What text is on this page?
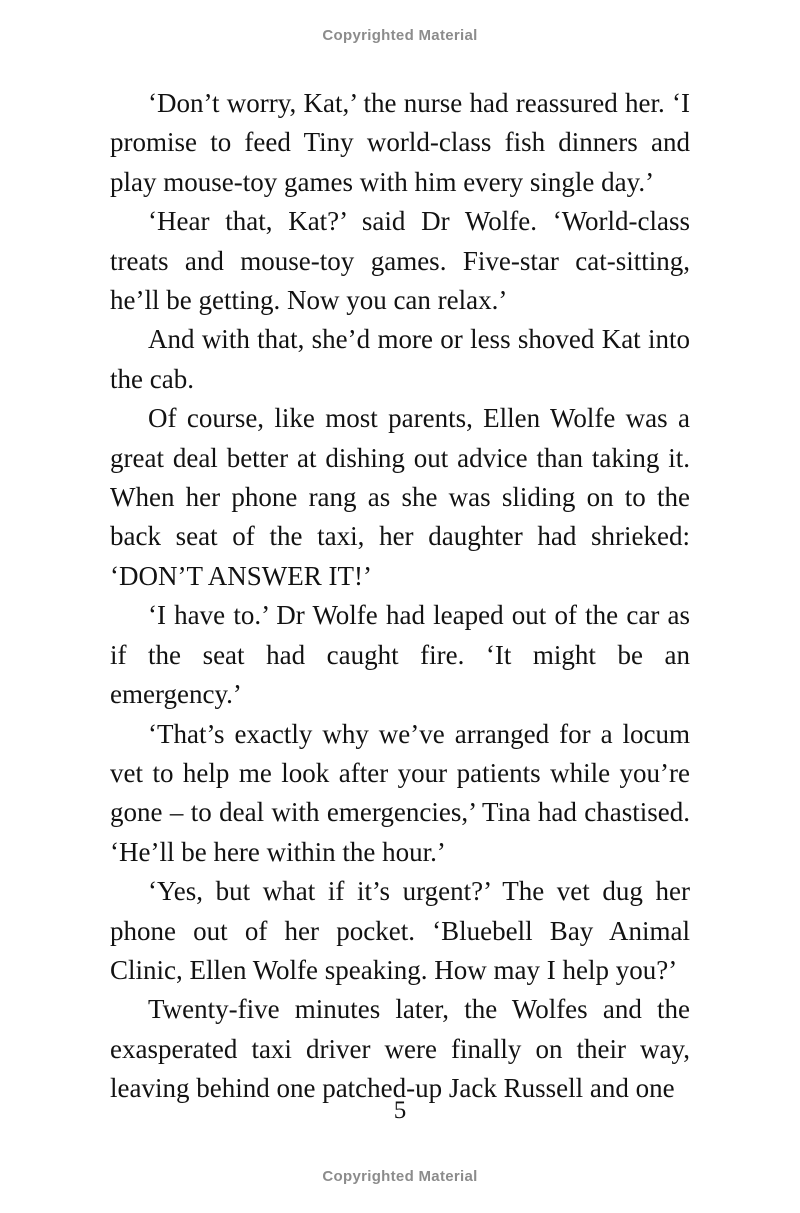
Copyrighted Material

‘Don’t worry, Kat,’ the nurse had reassured her. ‘I promise to feed Tiny world-class fish dinners and play mouse-toy games with him every single day.’

‘Hear that, Kat?’ said Dr Wolfe. ‘World-class treats and mouse-toy games. Five-star cat-sitting, he’ll be getting. Now you can relax.’

And with that, she’d more or less shoved Kat into the cab.

Of course, like most parents, Ellen Wolfe was a great deal better at dishing out advice than taking it. When her phone rang as she was sliding on to the back seat of the taxi, her daughter had shrieked: ‘DON’T ANSWER IT!’

‘I have to.’ Dr Wolfe had leaped out of the car as if the seat had caught fire. ‘It might be an emergency.’

‘That’s exactly why we’ve arranged for a locum vet to help me look after your patients while you’re gone – to deal with emergencies,’ Tina had chastised. ‘He’ll be here within the hour.’

‘Yes, but what if it’s urgent?’ The vet dug her phone out of her pocket. ‘Bluebell Bay Animal Clinic, Ellen Wolfe speaking. How may I help you?’

Twenty-five minutes later, the Wolfes and the exasperated taxi driver were finally on their way, leaving behind one patched-up Jack Russell and one

5
Copyrighted Material
